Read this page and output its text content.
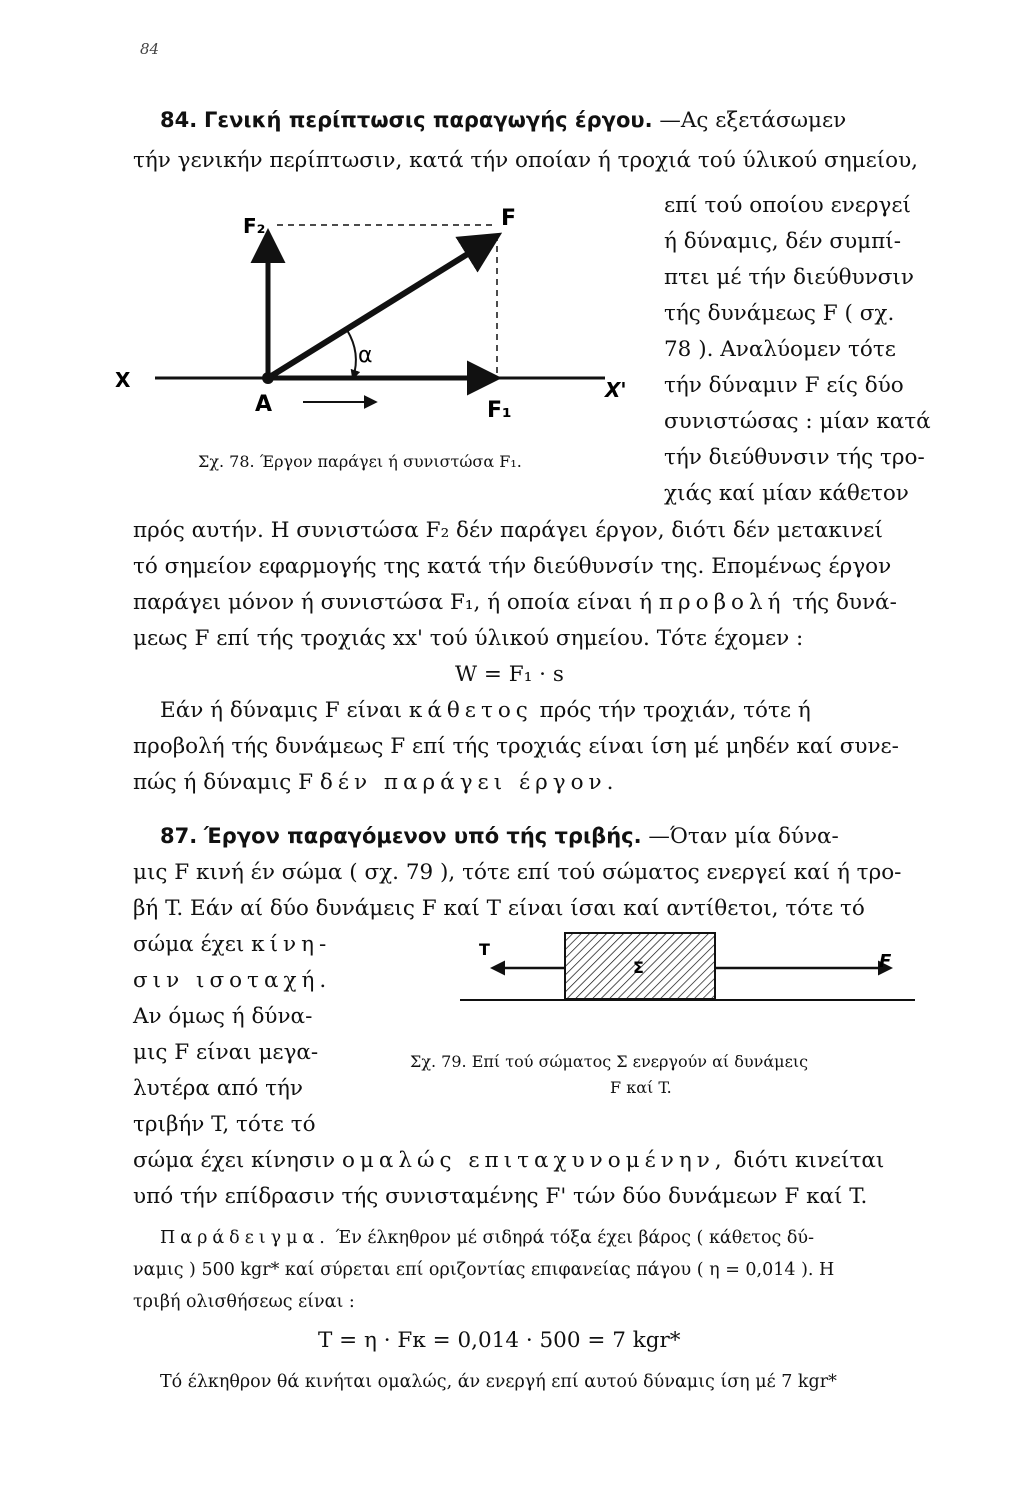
84
84. Γενική περίπτωσις παραγωγής έργου. —Ας εξετάσωμεν
τήν γενικήν περίπτωσιν, κατά τήν οποίαν ή τροχιά τού ύλικού σημείου,
F₂	F
X	X'
A	F₁
α
επί τού οποίου ενεργεί
ή δύναμις, δέν συμπί-
πτει μέ τήν διεύθυνσιν
τής δυνάμεως F ( σχ.
78 ). Αναλύομεν τότε
τήν δύναμιν F είς δύο
συνιστώσας : μίαν κατά
τήν διεύθυνσιν τής τρο-
χιάς καί μίαν κάθετον
Σχ. 78. Έργον παράγει ή συνιστώσα F₁.
πρός αυτήν. Η συνιστώσα F₂ δέν παράγει έργον, διότι δέν μετακινεί
τό σημείον εφαρμογής της κατά τήν διεύθυνσίν της. Επομένως έργον
παράγει μόνον ή συνιστώσα F₁, ή οποία είναι ή προβολή τής δυνά-
μεως F επί τής τροχιάς xx' τού ύλικού σημείου. Τότε έχομεν :
W = F₁ · s
Εάν ή δύναμις F είναι κάθετος πρός τήν τροχιάν, τότε ή
προβολή τής δυνάμεως F επί τής τροχιάς είναι ίση μέ μηδέν καί συνε-
πώς ή δύναμις F δέν παράγει έργον.
87. Έργον παραγόμενον υπό τής τριβής. —Όταν μία δύνα-
μις F κινή έν σώμα ( σχ. 79 ), τότε επί τού σώματος ενεργεί καί ή τρο-
βή T. Εάν αί δύο δυνάμεις F καί T είναι ίσαι καί αντίθετοι, τότε τό
σώμα έχει κίνη-
σιν ισοταχή.
Αν όμως ή δύνα-
μις F είναι μεγα-
λυτέρα από τήν
τριβήν T, τότε τό
T
F
Σ
Σχ. 79. Επί τού σώματος Σ ενεργούν αί δυνάμεις
F καί T.
σώμα έχει κίνησιν ομαλώς επιταχυνομένην, διότι κινείται
υπό τήν επίδρασιν τής συνισταμένης F' τών δύο δυνάμεων F καί T.
Παράδειγμα. Έν έλκηθρον μέ σιδηρά τόξα έχει βάρος ( κάθετος δύ-
ναμις ) 500 kgr* καί σύρεται επί οριζοντίας επιφανείας πάγου ( η = 0,014 ). Η
τριβή ολισθήσεως είναι :
T = η · Fκ = 0,014 · 500 = 7 kgr*
Τό έλκηθρον θά κινήται ομαλώς, άν ενεργή επί αυτού δύναμις ίση μέ 7 kgr*
